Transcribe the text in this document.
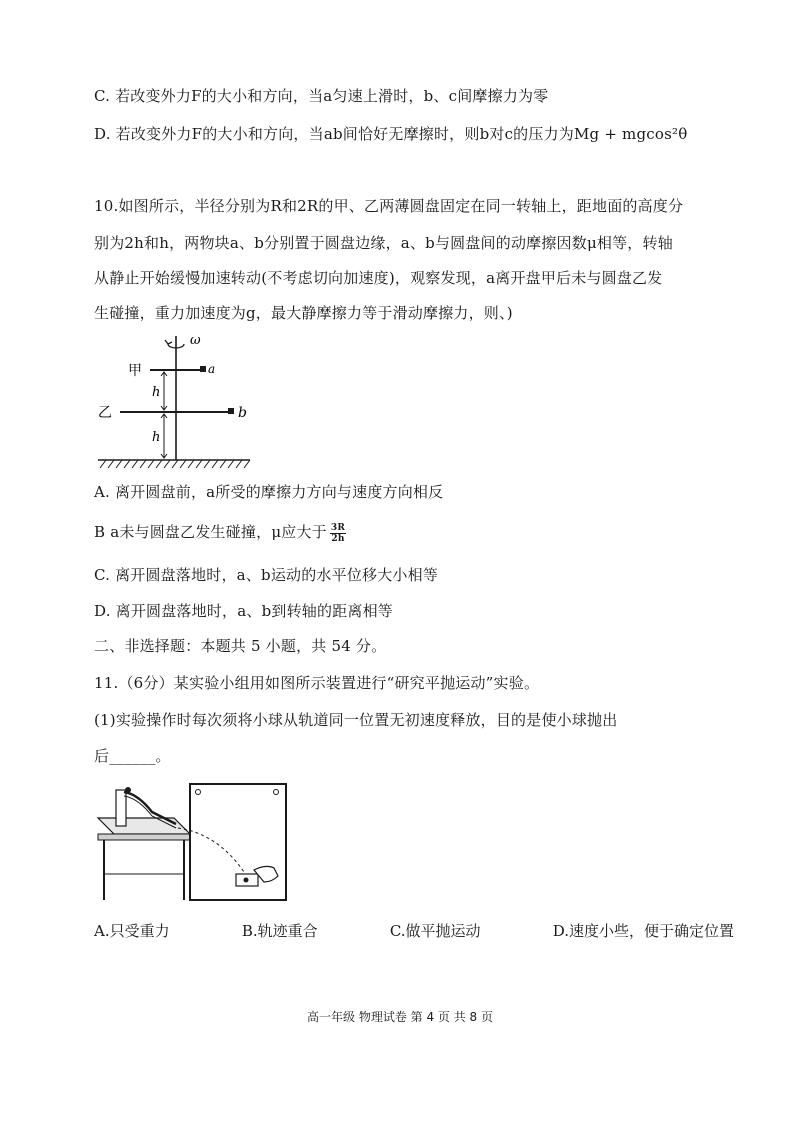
C. 若改变外力F的大小和方向，当a匀速上滑时，b、c间摩擦力为零
D. 若改变外力F的大小和方向，当ab间恰好无摩擦时，则b对c的压力为Mg + mgcos²θ
10.如图所示，半径分别为R和2R的甲、乙两薄圆盘固定在同一转轴上，距地面的高度分
别为2h和h，两物块a、b分别置于圆盘边缘，a、b与圆盘间的动摩擦因数μ相等，转轴
从静止开始缓慢加速转动(不考虑切向加速度)，观察发现，a离开盘甲后未与圆盘乙发
生碰撞，重力加速度为g，最大静摩擦力等于滑动摩擦力，则、)
ω
a
甲
b
乙
h
h
A. 离开圆盘前，a所受的摩擦力方向与速度方向相反
B a未与圆盘乙发生碰撞，μ应大于 $\frac{3R}{2h}$
C. 离开圆盘落地时，a、b运动的水平位移大小相等
D. 离开圆盘落地时，a、b到转轴的距离相等
二、非选择题：本题共 5 小题，共 54 分。
11.（6分）某实验小组用如图所示装置进行“研究平抛运动”实验。
(1)实验操作时每次须将小球从轨道同一位置无初速度释放，目的是使小球抛出
后______。
A.只受重力	B.轨迹重合	C.做平抛运动	D.速度小些，便于确定位置
高一年级 物理试卷 第 4 页 共 8 页
